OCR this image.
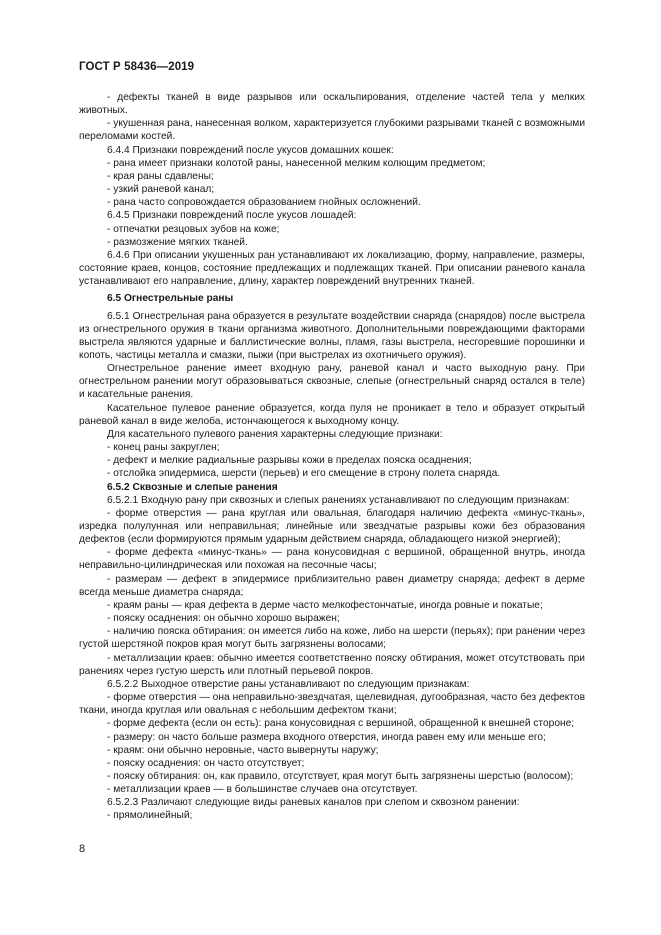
ГОСТ Р 58436—2019

- дефекты тканей в виде разрывов или оскальпирования, отделение частей тела у мелких животных.

- укушенная рана, нанесенная волком, характеризуется глубокими разрывами тканей с возможными переломами костей.

6.4.4 Признаки повреждений после укусов домашних кошек:

- рана имеет признаки колотой раны, нанесенной мелким колющим предметом;

- края раны сдавлены;

- узкий раневой канал;

- рана часто сопровождается образованием гнойных осложнений.

6.4.5 Признаки повреждений после укусов лошадей:

- отпечатки резцовых зубов на коже;

- размозжение мягких тканей.

6.4.6 При описании укушенных ран устанавливают их локализацию, форму, направление, размеры, состояние краев, концов, состояние предлежащих и подлежащих тканей. При описании раневого канала устанавливают его направление, длину, характер повреждений внутренних тканей.

6.5 Огнестрельные раны

6.5.1 Огнестрельная рана образуется в результате воздействии снаряда (снарядов) после выстрела из огнестрельного оружия в ткани организма животного. Дополнительными повреждающими факторами выстрела являются ударные и баллистические волны, пламя, газы выстрела, несгоревшие порошинки и копоть, частицы металла и смазки, пыжи (при выстрелах из охотничьего оружия).

Огнестрельное ранение имеет входную рану, раневой канал и часто выходную рану. При огнестрельном ранении могут образовываться сквозные, слепые (огнестрельный снаряд остался в теле) и касательные ранения.

Касательное пулевое ранение образуется, когда пуля не проникает в тело и образует открытый раневой канал в виде желоба, истончающегося к выходному концу.

Для касательного пулевого ранения характерны следующие признаки:

- конец раны закруглен;

- дефект и мелкие радиальные разрывы кожи в пределах пояска осаднения;

- отслойка эпидермиса, шерсти (перьев) и его смещение в строну полета снаряда.

6.5.2 Сквозные и слепые ранения

6.5.2.1 Входную рану при сквозных и слепых ранениях устанавливают по следующим признакам:

- форме отверстия — рана круглая или овальная, благодаря наличию дефекта «минус-ткань», изредка полулунная или неправильная; линейные или звездчатые разрывы кожи без образования дефектов (если формируются прямым ударным действием снаряда, обладающего низкой энергией);

- форме дефекта «минус-ткань» — рана конусовидная с вершиной, обращенной внутрь, иногда неправильно-цилиндрическая или похожая на песочные часы;

- размерам — дефект в эпидермисе приблизительно равен диаметру снаряда; дефект в дерме всегда меньше диаметра снаряда;

- краям раны — края дефекта в дерме часто мелкофестончатые, иногда ровные и покатые;

- пояску осаднения: он обычно хорошо выражен;

- наличию пояска обтирания: он имеется либо на коже, либо на шерсти (перьях); при ранении через густой шерстяной покров края могут быть загрязнены волосами;

- металлизации краев: обычно имеется соответственно пояску обтирания, может отсутствовать при ранениях через густую шерсть или плотный перьевой покров.

6.5.2.2 Выходное отверстие раны устанавливают по следующим признакам:

- форме отверстия — она неправильно-звездчатая, щелевидная, дугообразная, часто без дефектов ткани, иногда круглая или овальная с небольшим дефектом ткани;

- форме дефекта (если он есть): рана конусовидная с вершиной, обращенной к внешней стороне;

- размеру: он часто больше размера входного отверстия, иногда равен ему или меньше его;

- краям: они обычно неровные, часто вывернуты наружу;

- пояску осаднения: он часто отсутствует;

- пояску обтирания: он, как правило, отсутствует, края могут быть загрязнены шерстью (волосом);

- металлизации краев — в большинстве случаев она отсутствует.

6.5.2.3 Различают следующие виды раневых каналов при слепом и сквозном ранении:

- прямолинейный;

8
